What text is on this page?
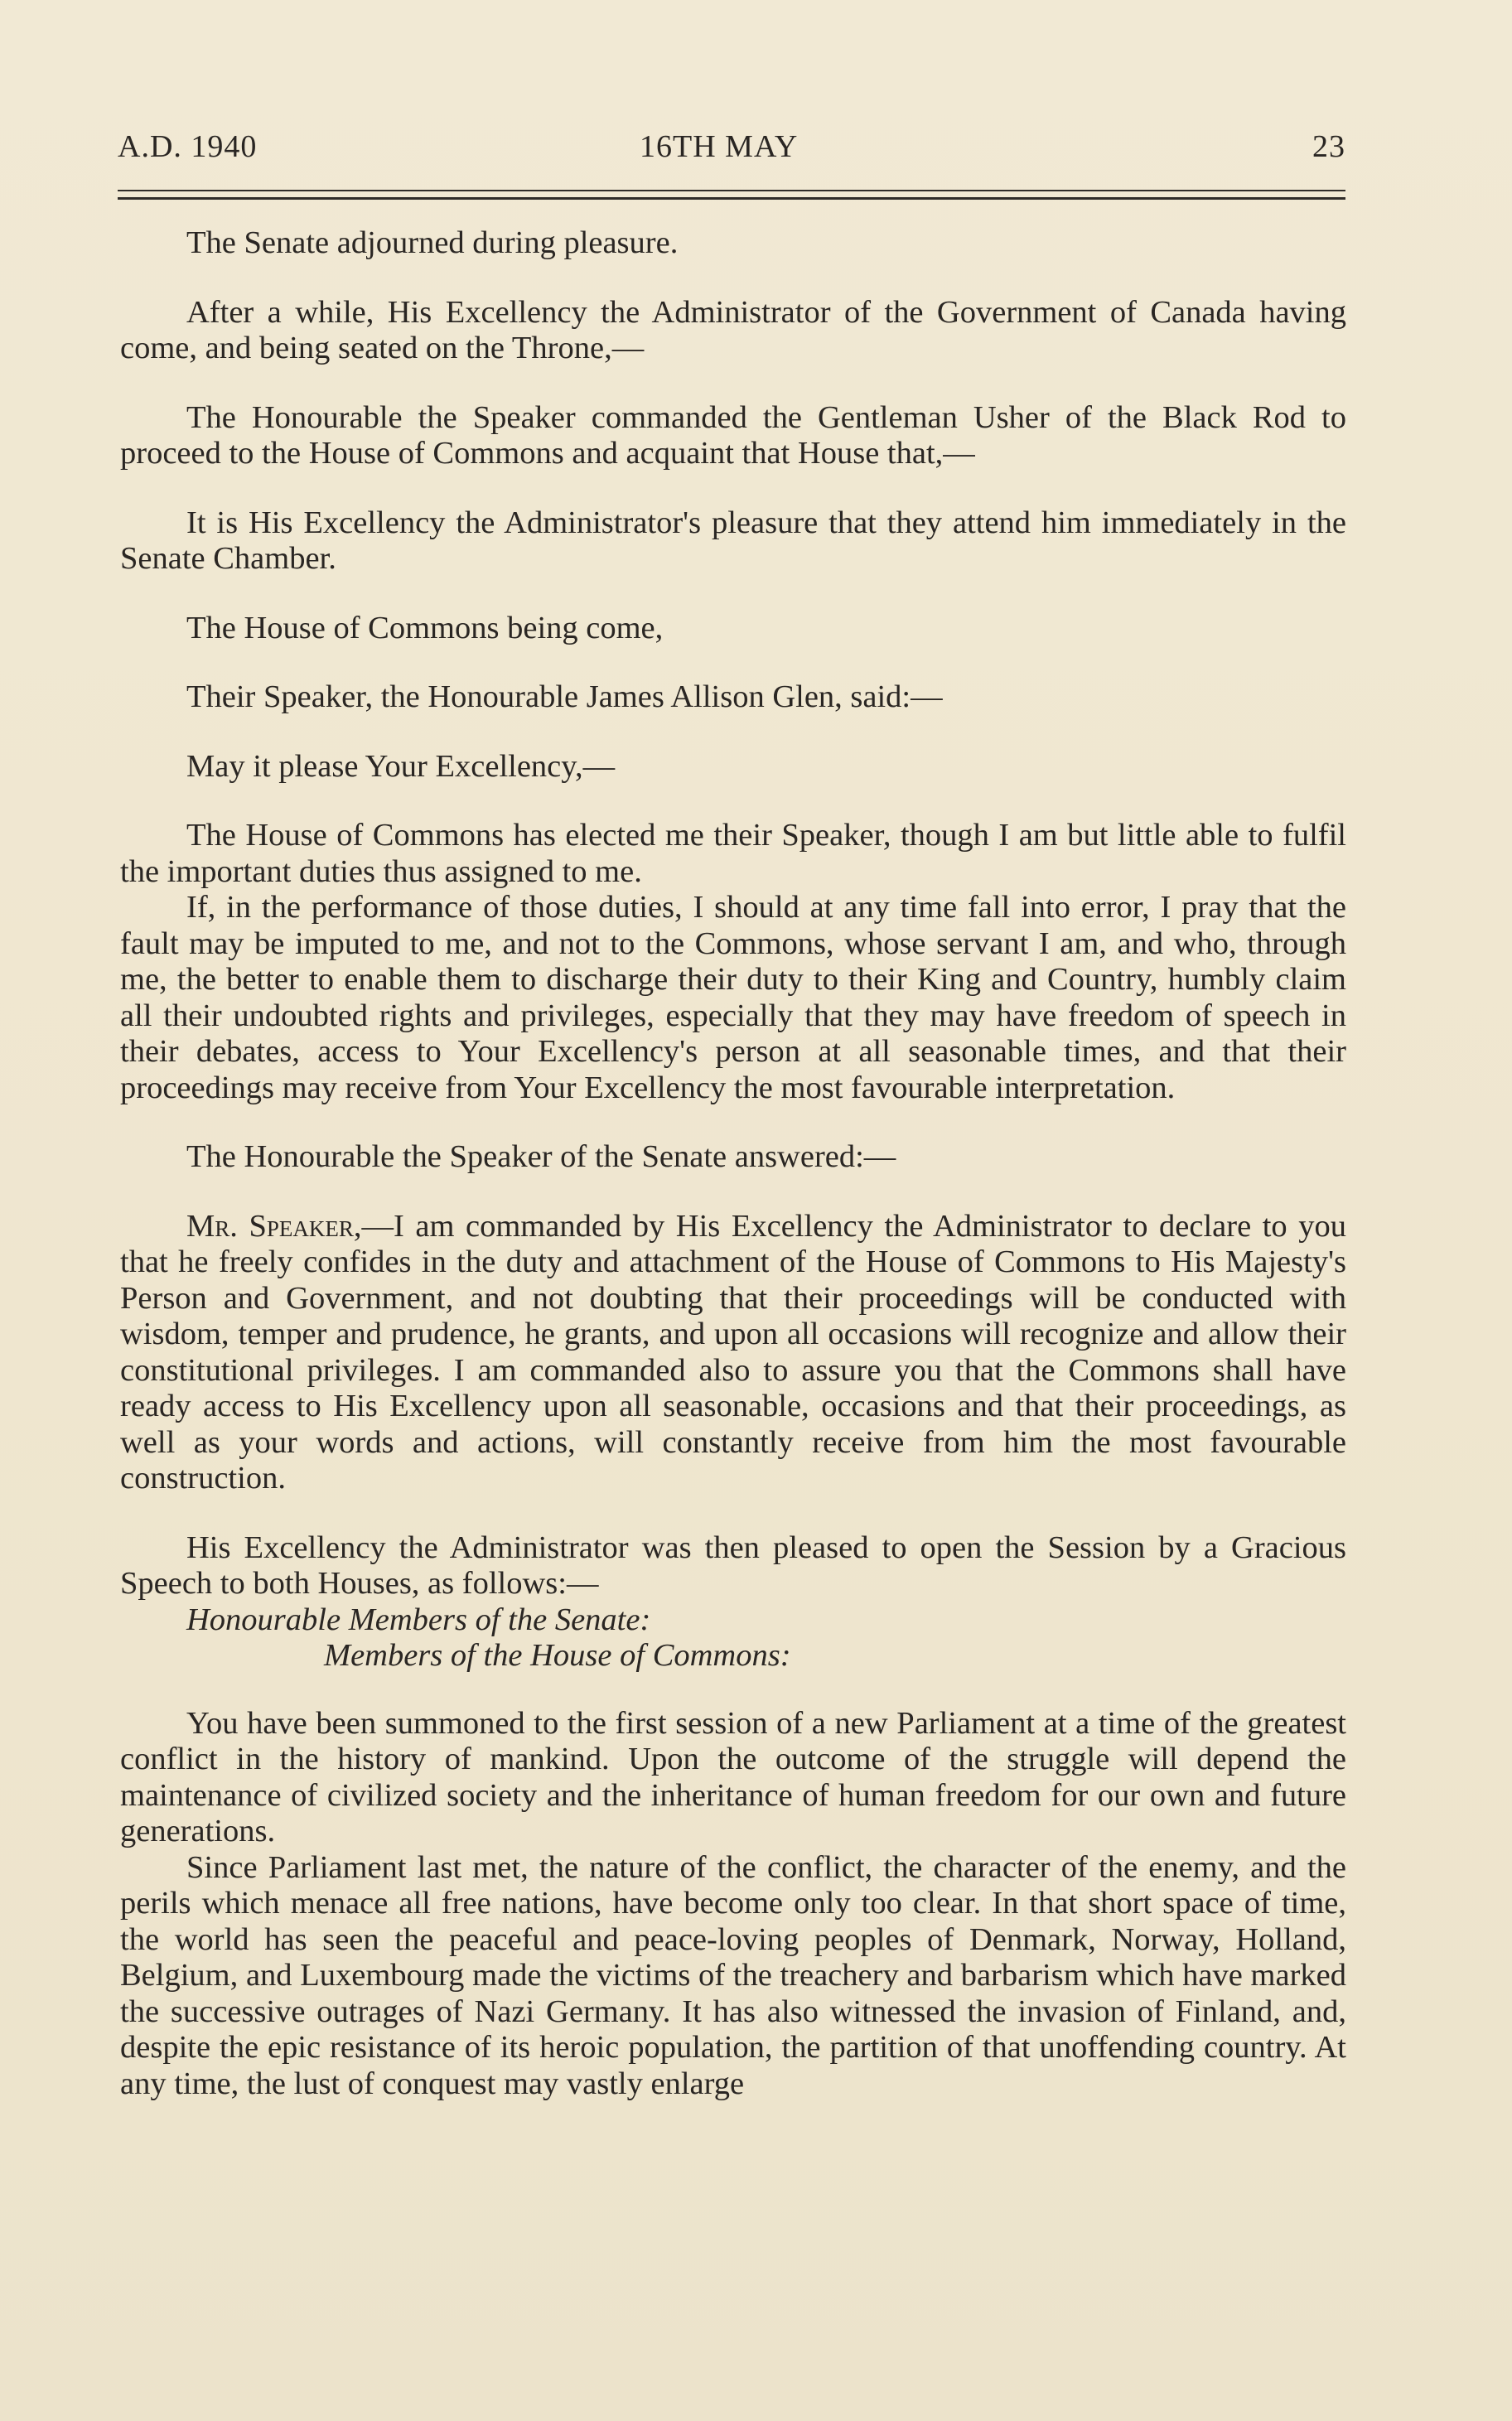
A.D. 1940	16TH MAY	23

The Senate adjourned during pleasure.

After a while, His Excellency the Administrator of the Government of Canada having come, and being seated on the Throne,—

The Honourable the Speaker commanded the Gentleman Usher of the Black Rod to proceed to the House of Commons and acquaint that House that,—

It is His Excellency the Administrator's pleasure that they attend him immediately in the Senate Chamber.

The House of Commons being come,

Their Speaker, the Honourable James Allison Glen, said:—

May it please Your Excellency,—

The House of Commons has elected me their Speaker, though I am but little able to fulfil the important duties thus assigned to me.

If, in the performance of those duties, I should at any time fall into error, I pray that the fault may be imputed to me, and not to the Commons, whose servant I am, and who, through me, the better to enable them to discharge their duty to their King and Country, humbly claim all their undoubted rights and privileges, especially that they may have freedom of speech in their debates, access to Your Excellency's person at all seasonable times, and that their proceedings may receive from Your Excellency the most favourable interpretation.

The Honourable the Speaker of the Senate answered:—

Mr. Speaker,—I am commanded by His Excellency the Administrator to declare to you that he freely confides in the duty and attachment of the House of Commons to His Majesty's Person and Government, and not doubting that their proceedings will be conducted with wisdom, temper and prudence, he grants, and upon all occasions will recognize and allow their constitutional privileges. I am commanded also to assure you that the Commons shall have ready access to His Excellency upon all seasonable, occasions and that their proceedings, as well as your words and actions, will constantly receive from him the most favourable construction.

His Excellency the Administrator was then pleased to open the Session by a Gracious Speech to both Houses, as follows:—

Honourable Members of the Senate:

Members of the House of Commons:

You have been summoned to the first session of a new Parliament at a time of the greatest conflict in the history of mankind. Upon the outcome of the struggle will depend the maintenance of civilized society and the inheritance of human freedom for our own and future generations.

Since Parliament last met, the nature of the conflict, the character of the enemy, and the perils which menace all free nations, have become only too clear. In that short space of time, the world has seen the peaceful and peace-loving peoples of Denmark, Norway, Holland, Belgium, and Luxembourg made the victims of the treachery and barbarism which have marked the successive outrages of Nazi Germany. It has also witnessed the invasion of Finland, and, despite the epic resistance of its heroic population, the partition of that unoffending country. At any time, the lust of conquest may vastly enlarge
